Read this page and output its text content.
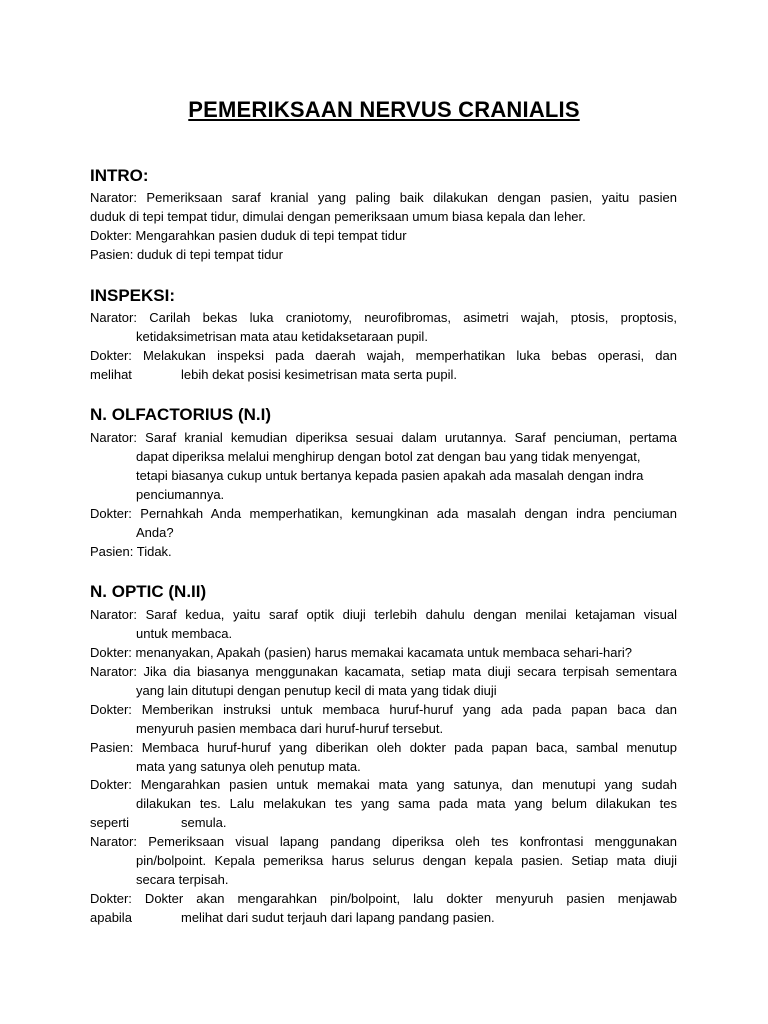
PEMERIKSAAN NERVUS CRANIALIS
INTRO:
Narator: Pemeriksaan saraf kranial yang paling baik dilakukan dengan pasien, yaitu pasien
duduk di tepi tempat tidur, dimulai dengan pemeriksaan umum biasa kepala dan leher.
Dokter: Mengarahkan pasien duduk di tepi tempat tidur
Pasien: duduk di tepi tempat tidur
INSPEKSI:
Narator: Carilah bekas luka craniotomy, neurofibromas, asimetri wajah, ptosis, proptosis,
ketidaksimetrisan mata atau ketidaksetaraan pupil.
Dokter: Melakukan inspeksi pada daerah wajah, memperhatikan luka bebas operasi, dan
melihat	lebih dekat posisi kesimetrisan mata serta pupil.
N. OLFACTORIUS (N.I)
Narator: Saraf kranial kemudian diperiksa sesuai dalam urutannya. Saraf penciuman, pertama
dapat diperiksa melalui menghirup dengan botol zat dengan bau yang tidak menyengat,
tetapi biasanya cukup untuk bertanya kepada pasien apakah ada masalah dengan indra
penciumannya.
Dokter: Pernahkah Anda memperhatikan, kemungkinan ada masalah dengan indra penciuman
Anda?
Pasien: Tidak.
N. OPTIC (N.II)
Narator: Saraf kedua, yaitu saraf optik diuji terlebih dahulu dengan menilai ketajaman visual
untuk membaca.
Dokter: menanyakan, Apakah (pasien) harus memakai kacamata untuk membaca sehari-hari?
Narator: Jika dia biasanya menggunakan kacamata, setiap mata diuji secara terpisah sementara
yang lain ditutupi dengan penutup kecil di mata yang tidak diuji
Dokter: Memberikan instruksi untuk membaca huruf-huruf yang ada pada papan baca dan
menyuruh pasien membaca dari huruf-huruf tersebut.
Pasien: Membaca huruf-huruf yang diberikan oleh dokter pada papan baca, sambal menutup
mata yang satunya oleh penutup mata.
Dokter: Mengarahkan pasien untuk memakai mata yang satunya, dan menutupi yang sudah
dilakukan tes. Lalu melakukan tes yang sama pada mata yang belum dilakukan tes
seperti	semula.
Narator: Pemeriksaan visual lapang pandang diperiksa oleh tes konfrontasi menggunakan
pin/bolpoint. Kepala pemeriksa harus selurus dengan kepala pasien. Setiap mata diuji
secara terpisah.
Dokter: Dokter akan mengarahkan pin/bolpoint, lalu dokter menyuruh pasien menjawab
apabila	melihat dari sudut terjauh dari lapang pandang pasien.
